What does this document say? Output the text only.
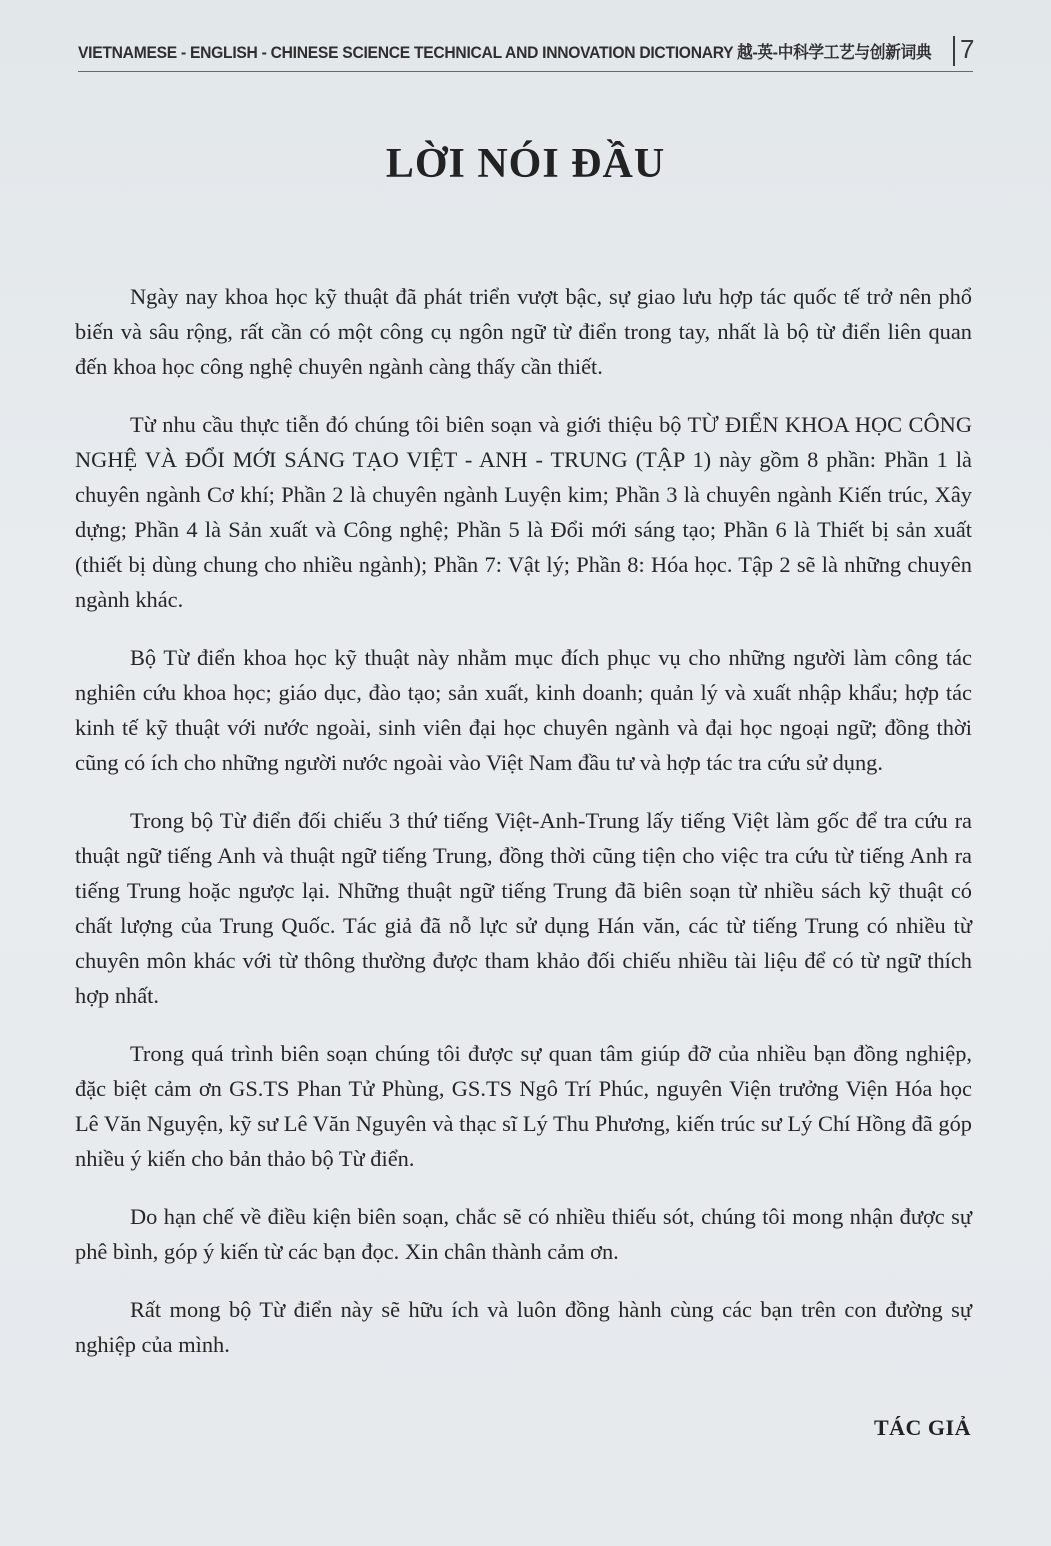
VIETNAMESE - ENGLISH - CHINESE SCIENCE TECHNICAL AND INNOVATION DICTIONARY 越-英-中科学工艺与创新词典 7
LỜI NÓI ĐẦU

Ngày nay khoa học kỹ thuật đã phát triển vượt bậc, sự giao lưu hợp tác quốc tế trở nên phổ biến và sâu rộng, rất cần có một công cụ ngôn ngữ từ điển trong tay, nhất là bộ từ điển liên quan đến khoa học công nghệ chuyên ngành càng thấy cần thiết.

Từ nhu cầu thực tiễn đó chúng tôi biên soạn và giới thiệu bộ TỪ ĐIỂN KHOA HỌC CÔNG NGHỆ VÀ ĐỔI MỚI SÁNG TẠO VIỆT - ANH - TRUNG (TẬP 1) này gồm 8 phần: Phần 1 là chuyên ngành Cơ khí; Phần 2 là chuyên ngành Luyện kim; Phần 3 là chuyên ngành Kiến trúc, Xây dựng; Phần 4 là Sản xuất và Công nghệ; Phần 5 là Đổi mới sáng tạo; Phần 6 là Thiết bị sản xuất (thiết bị dùng chung cho nhiều ngành); Phần 7: Vật lý; Phần 8: Hóa học. Tập 2 sẽ là những chuyên ngành khác.

Bộ Từ điển khoa học kỹ thuật này nhằm mục đích phục vụ cho những người làm công tác nghiên cứu khoa học; giáo dục, đào tạo; sản xuất, kinh doanh; quản lý và xuất nhập khẩu; hợp tác kinh tế kỹ thuật với nước ngoài, sinh viên đại học chuyên ngành và đại học ngoại ngữ; đồng thời cũng có ích cho những người nước ngoài vào Việt Nam đầu tư và hợp tác tra cứu sử dụng.

Trong bộ Từ điển đối chiếu 3 thứ tiếng Việt-Anh-Trung lấy tiếng Việt làm gốc để tra cứu ra thuật ngữ tiếng Anh và thuật ngữ tiếng Trung, đồng thời cũng tiện cho việc tra cứu từ tiếng Anh ra tiếng Trung hoặc ngược lại. Những thuật ngữ tiếng Trung đã biên soạn từ nhiều sách kỹ thuật có chất lượng của Trung Quốc. Tác giả đã nỗ lực sử dụng Hán văn, các từ tiếng Trung có nhiều từ chuyên môn khác với từ thông thường được tham khảo đối chiếu nhiều tài liệu để có từ ngữ thích hợp nhất.

Trong quá trình biên soạn chúng tôi được sự quan tâm giúp đỡ của nhiều bạn đồng nghiệp, đặc biệt cảm ơn GS.TS Phan Tử Phùng, GS.TS Ngô Trí Phúc, nguyên Viện trưởng Viện Hóa học Lê Văn Nguyện, kỹ sư Lê Văn Nguyên và thạc sĩ Lý Thu Phương, kiến trúc sư Lý Chí Hồng đã góp nhiều ý kiến cho bản thảo bộ Từ điển.

Do hạn chế về điều kiện biên soạn, chắc sẽ có nhiều thiếu sót, chúng tôi mong nhận được sự phê bình, góp ý kiến từ các bạn đọc. Xin chân thành cảm ơn.

Rất mong bộ Từ điển này sẽ hữu ích và luôn đồng hành cùng các bạn trên con đường sự nghiệp của mình.

TÁC GIẢ
